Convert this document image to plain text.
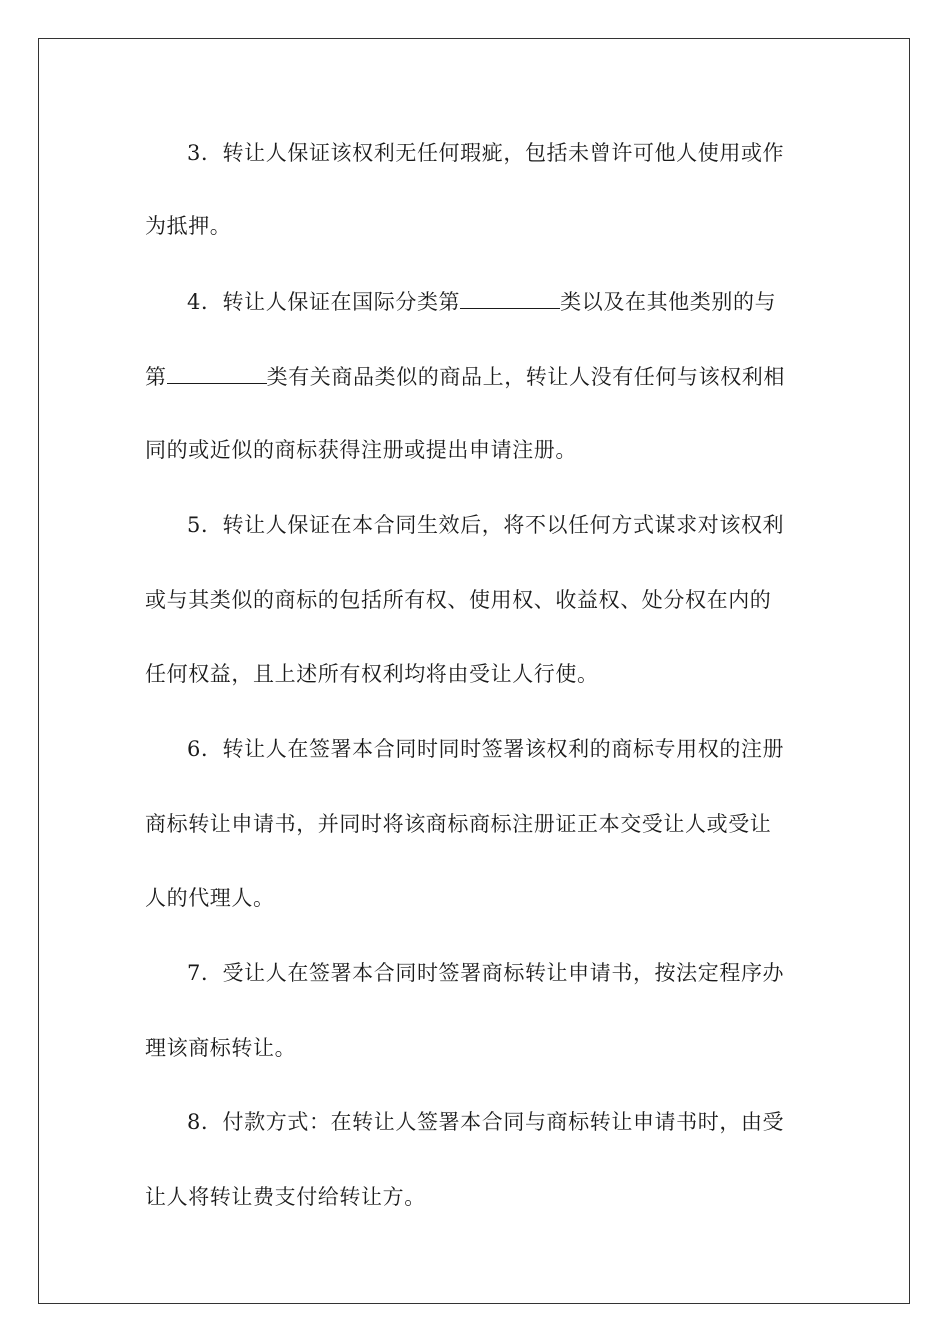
3．转让人保证该权利无任何瑕疵，包括未曾许可他人使用或作
为抵押。
4．转让人保证在国际分类第	类以及在其他类别的与
第	类有关商品类似的商品上，转让人没有任何与该权利相
同的或近似的商标获得注册或提出申请注册。
5．转让人保证在本合同生效后，将不以任何方式谋求对该权利
或与其类似的商标的包括所有权、使用权、收益权、处分权在内的
任何权益，且上述所有权利均将由受让人行使。
6．转让人在签署本合同时同时签署该权利的商标专用权的注册
商标转让申请书，并同时将该商标商标注册证正本交受让人或受让
人的代理人。
7．受让人在签署本合同时签署商标转让申请书，按法定程序办
理该商标转让。
8．付款方式：在转让人签署本合同与商标转让申请书时，由受
让人将转让费支付给转让方。
